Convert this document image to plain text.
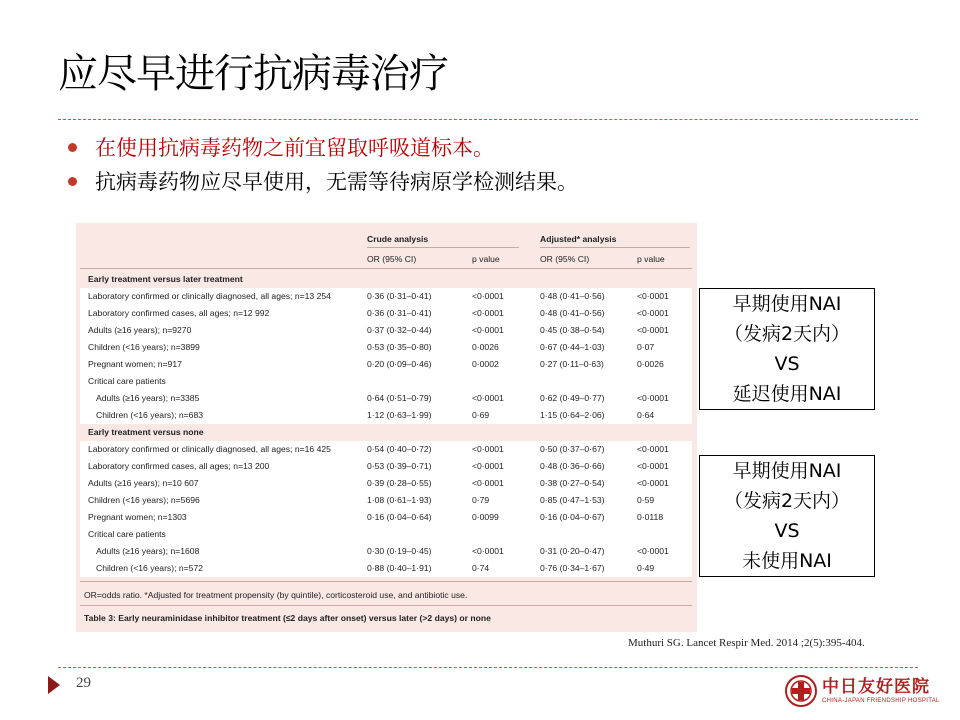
应尽早进行抗病毒治疗
在使用抗病毒药物之前宜留取呼吸道标本。
抗病毒药物应尽早使用，无需等待病原学检测结果。
Crude analysis	Adjusted* analysis
OR (95% CI)	p value	OR (95% CI)	p value
Early treatment versus later treatment
Laboratory confirmed or clinically diagnosed, all ages; n=13 254	0·36 (0·31–0·41)	<0·0001	0·48 (0·41–0·56)	<0·0001
Laboratory confirmed cases, all ages; n=12 992	0·36 (0·31–0·41)	<0·0001	0·48 (0·41–0·56)	<0·0001
Adults (≥16 years); n=9270	0·37 (0·32–0·44)	<0·0001	0·45 (0·38–0·54)	<0·0001
Children (<16 years); n=3899	0·53 (0·35–0·80)	0·0026	0·67 (0·44–1·03)	0·07
Pregnant women; n=917	0·20 (0·09–0·46)	0·0002	0·27 (0·11–0·63)	0·0026
Critical care patients
Adults (≥16 years); n=3385	0·64 (0·51–0·79)	<0·0001	0·62 (0·49–0·77)	<0·0001
Children (<16 years); n=683	1·12 (0·63–1·99)	0·69	1·15 (0·64–2·06)	0·64
Early treatment versus none
Laboratory confirmed or clinically diagnosed, all ages; n=16 425	0·54 (0·40–0·72)	<0·0001	0·50 (0·37–0·67)	<0·0001
Laboratory confirmed cases, all ages; n=13 200	0·53 (0·39–0·71)	<0·0001	0·48 (0·36–0·66)	<0·0001
Adults (≥16 years); n=10 607	0·39 (0·28–0·55)	<0·0001	0·38 (0·27–0·54)	<0·0001
Children (<16 years); n=5696	1·08 (0·61–1·93)	0·79	0·85 (0·47–1·53)	0·59
Pregnant women; n=1303	0·16 (0·04–0·64)	0·0099	0·16 (0·04–0·67)	0·0118
Critical care patients
Adults (≥16 years); n=1608	0·30 (0·19–0·45)	<0·0001	0·31 (0·20–0·47)	<0·0001
Children (<16 years); n=572	0·88 (0·40–1·91)	0·74	0·76 (0·34–1·67)	0·49
OR=odds ratio. *Adjusted for treatment propensity (by quintile), corticosteroid use, and antibiotic use.
Table 3: Early neuraminidase inhibitor treatment (≤2 days after onset) versus later (>2 days) or none
早期使用NAI
（发病2天内）
VS
延迟使用NAI
早期使用NAI
（发病2天内）
VS
未使用NAI
Muthuri SG. Lancet Respir Med. 2014 ;2(5):395-404.
29	中日友好医院
CHINA-JAPAN FRIENDSHIP HOSPITAL
